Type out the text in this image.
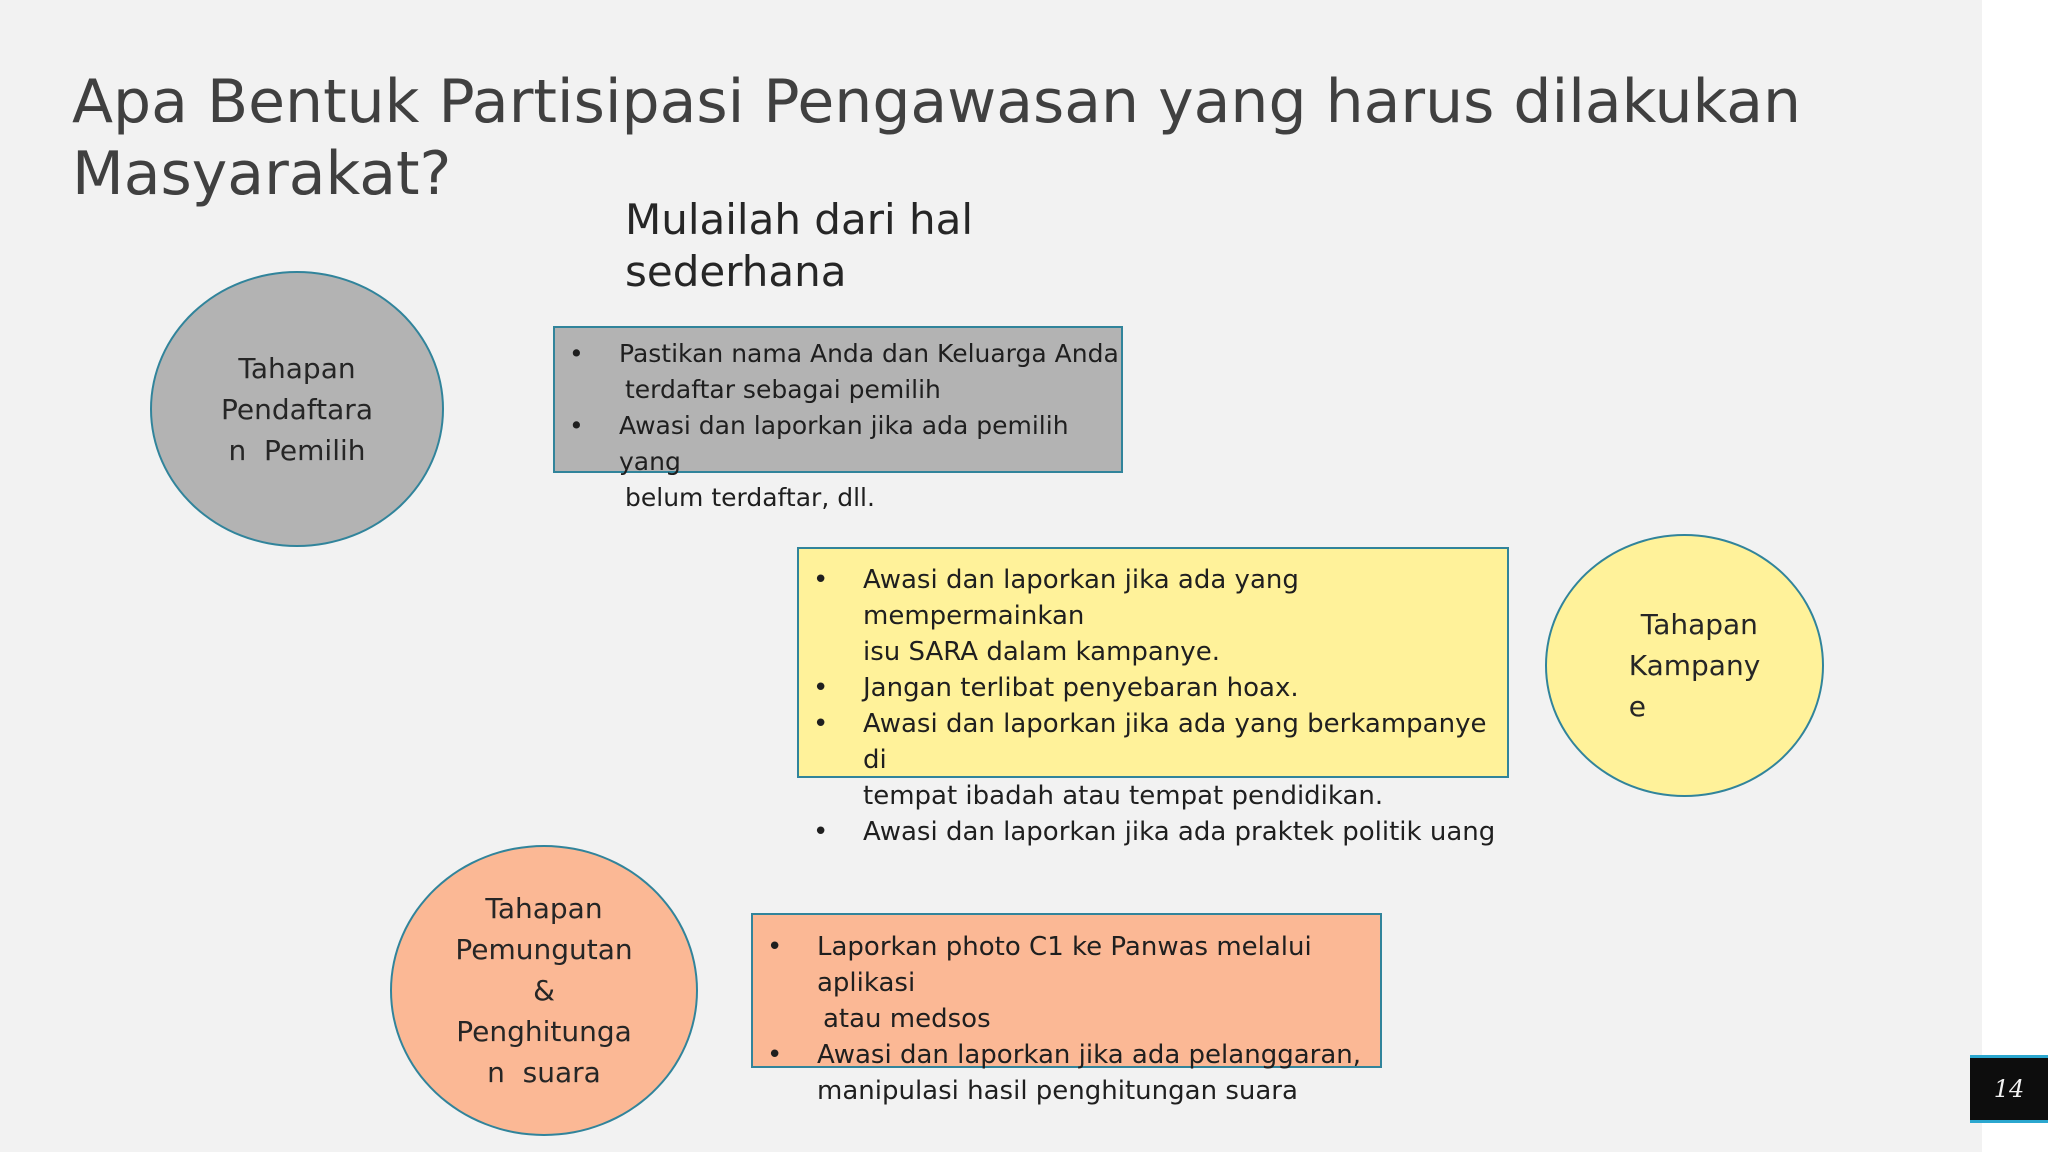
Apa Bentuk Partisipasi Pengawasan yang harus dilakukan
Masyarakat?
Mulailah dari hal
sederhana
Tahapan
Pendaftara
n  Pemilih
• Pastikan nama Anda dan Keluarga Anda
terdaftar sebagai pemilih
• Awasi dan laporkan jika ada pemilih yang
belum terdaftar, dll.
• Awasi dan laporkan jika ada yang mempermainkan
isu SARA dalam kampanye.
• Jangan terlibat penyebaran hoax.
• Awasi dan laporkan jika ada yang berkampanye di
tempat ibadah atau tempat pendidikan.
• Awasi dan laporkan jika ada praktek politik uang
Tahapan
Kampany
e
Tahapan
Pemungutan
&
Penghitunga
n  suara
• Laporkan photo C1 ke Panwas melalui aplikasi
atau medsos
• Awasi dan laporkan jika ada pelanggaran,
manipulasi hasil penghitungan suara	14
